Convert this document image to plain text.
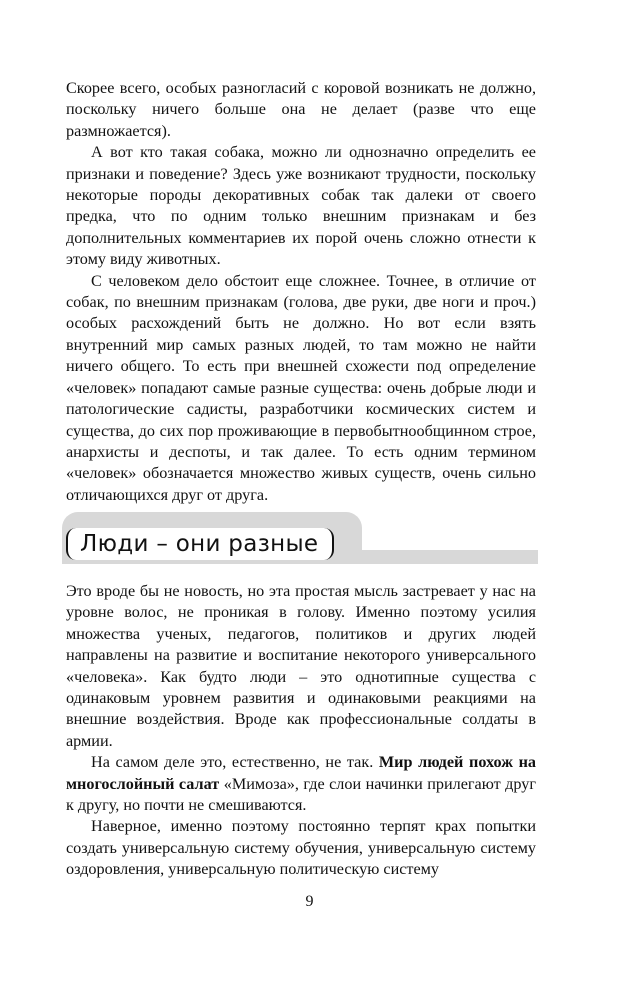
Скорее всего, особых разногласий с коровой возникать не должно, поскольку ничего больше она не делает (разве что еще размножается).

А вот кто такая собака, можно ли однозначно определить ее признаки и поведение? Здесь уже возникают трудности, поскольку некоторые породы декоративных собак так далеки от своего предка, что по одним только внешним признакам и без дополнительных комментариев их порой очень сложно отнести к этому виду животных.

С человеком дело обстоит еще сложнее. Точнее, в отличие от собак, по внешним признакам (голова, две руки, две ноги и проч.) особых расхождений быть не должно. Но вот если взять внутренний мир самых разных людей, то там можно не найти ничего общего. То есть при внешней схожести под определение «человек» попадают самые разные существа: очень добрые люди и патологические садисты, разработчики космических систем и существа, до сих пор проживающие в первобытнообщинном строе, анархисты и деспоты, и так далее. То есть одним термином «человек» обозначается множество живых существ, очень сильно отличающихся друг от друга.

Люди – они разные

Это вроде бы не новость, но эта простая мысль застревает у нас на уровне волос, не проникая в голову. Именно поэтому усилия множества ученых, педагогов, политиков и других людей направлены на развитие и воспитание некоторого универсального «человека». Как будто люди – это однотипные существа с одинаковым уровнем развития и одинаковыми реакциями на внешние воздействия. Вроде как профессиональные солдаты в армии.

На самом деле это, естественно, не так. Мир людей похож на многослойный салат «Мимоза», где слои начинки прилегают друг к другу, но почти не смешиваются.

Наверное, именно поэтому постоянно терпят крах попытки создать универсальную систему обучения, универсальную систему оздоровления, универсальную политическую систему

9
